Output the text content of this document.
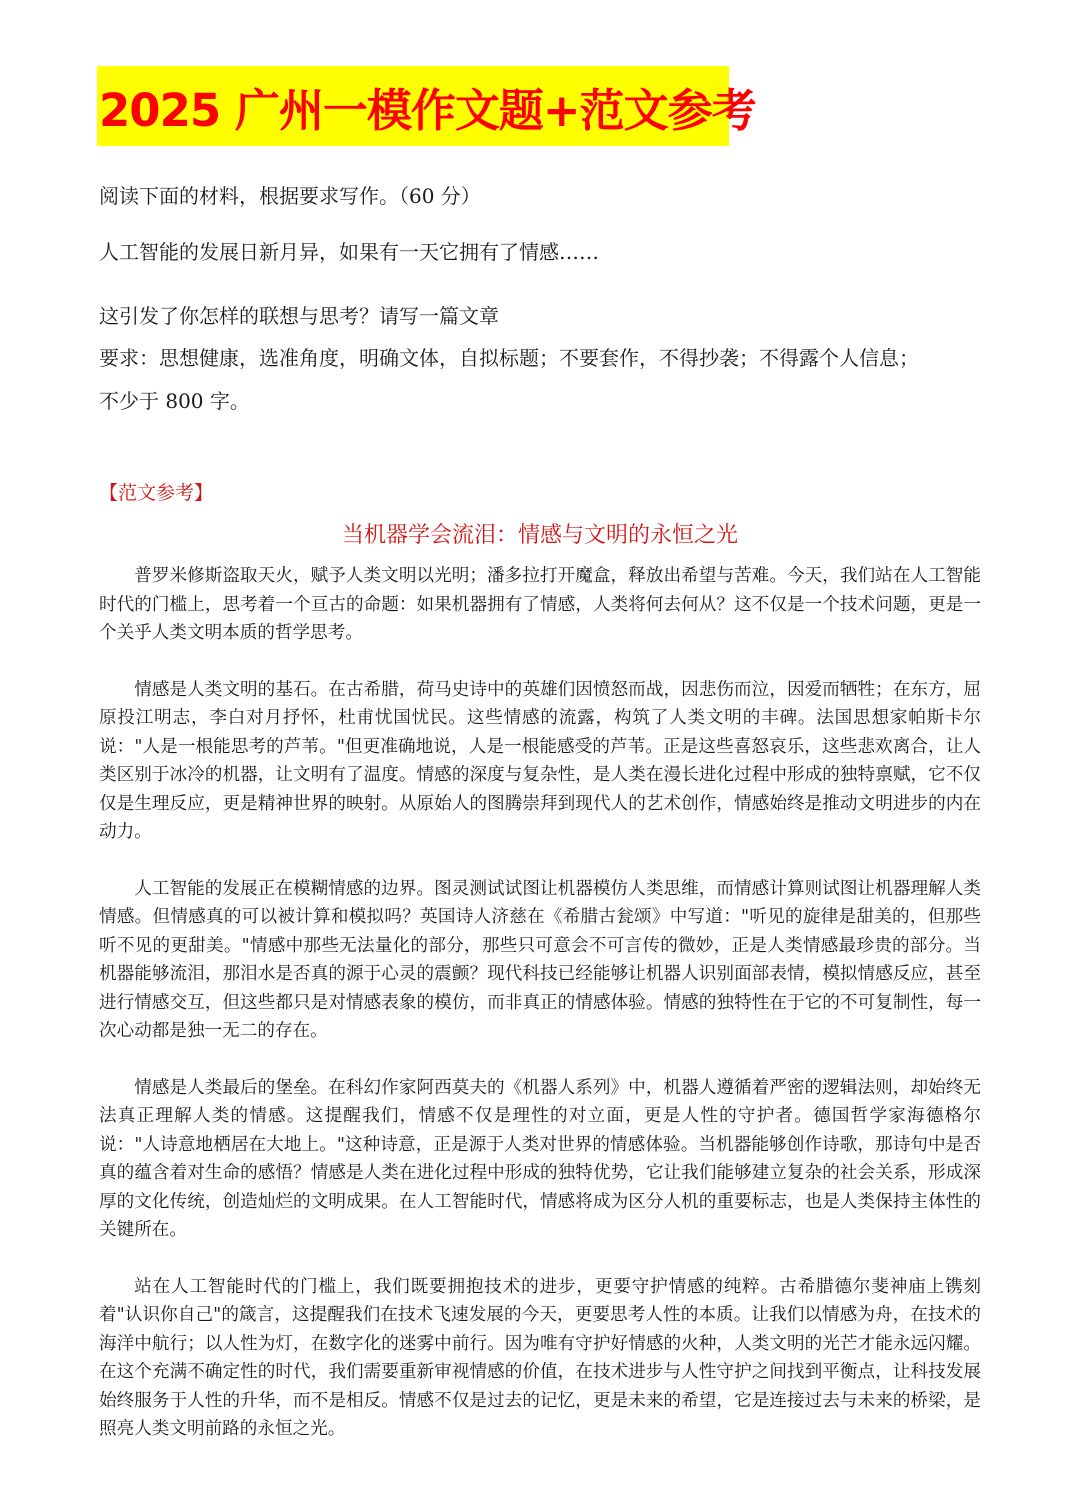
2025 广州一模作文题+范文参考
阅读下面的材料，根据要求写作。（60 分）
人工智能的发展日新月异，如果有一天它拥有了情感……
这引发了你怎样的联想与思考？请写一篇文章
要求：思想健康，选准角度，明确文体，自拟标题；不要套作，不得抄袭；不得露个人信息；
不少于 800 字。
【范文参考】
当机器学会流泪：情感与文明的永恒之光

普罗米修斯盗取天火，赋予人类文明以光明；潘多拉打开魔盒，释放出希望与苦难。今天，我们站在人工智能时代的门槛上，思考着一个亘古的命题：如果机器拥有了情感，人类将何去何从？这不仅是一个技术问题，更是一个关乎人类文明本质的哲学思考。

情感是人类文明的基石。在古希腊，荷马史诗中的英雄们因愤怒而战，因悲伤而泣，因爱而牺牲；在东方，屈原投江明志，李白对月抒怀，杜甫忧国忧民。这些情感的流露，构筑了人类文明的丰碑。法国思想家帕斯卡尔说："人是一根能思考的芦苇。"但更准确地说，人是一根能感受的芦苇。正是这些喜怒哀乐，这些悲欢离合，让人类区别于冰冷的机器，让文明有了温度。情感的深度与复杂性，是人类在漫长进化过程中形成的独特禀赋，它不仅仅是生理反应，更是精神世界的映射。从原始人的图腾崇拜到现代人的艺术创作，情感始终是推动文明进步的内在动力。

人工智能的发展正在模糊情感的边界。图灵测试试图让机器模仿人类思维，而情感计算则试图让机器理解人类情感。但情感真的可以被计算和模拟吗？英国诗人济慈在《希腊古瓮颂》中写道："听见的旋律是甜美的，但那些听不见的更甜美。"情感中那些无法量化的部分，那些只可意会不可言传的微妙，正是人类情感最珍贵的部分。当机器能够流泪，那泪水是否真的源于心灵的震颤？现代科技已经能够让机器人识别面部表情，模拟情感反应，甚至进行情感交互，但这些都只是对情感表象的模仿，而非真正的情感体验。情感的独特性在于它的不可复制性，每一次心动都是独一无二的存在。

情感是人类最后的堡垒。在科幻作家阿西莫夫的《机器人系列》中，机器人遵循着严密的逻辑法则，却始终无法真正理解人类的情感。这提醒我们，情感不仅是理性的对立面，更是人性的守护者。德国哲学家海德格尔说："人诗意地栖居在大地上。"这种诗意，正是源于人类对世界的情感体验。当机器能够创作诗歌，那诗句中是否真的蕴含着对生命的感悟？情感是人类在进化过程中形成的独特优势，它让我们能够建立复杂的社会关系，形成深厚的文化传统，创造灿烂的文明成果。在人工智能时代，情感将成为区分人机的重要标志，也是人类保持主体性的关键所在。

站在人工智能时代的门槛上，我们既要拥抱技术的进步，更要守护情感的纯粹。古希腊德尔斐神庙上镌刻着"认识你自己"的箴言，这提醒我们在技术飞速发展的今天，更要思考人性的本质。让我们以情感为舟，在技术的海洋中航行；以人性为灯，在数字化的迷雾中前行。因为唯有守护好情感的火种，人类文明的光芒才能永远闪耀。在这个充满不确定性的时代，我们需要重新审视情感的价值，在技术进步与人性守护之间找到平衡点，让科技发展始终服务于人性的升华，而不是相反。情感不仅是过去的记忆，更是未来的希望，它是连接过去与未来的桥梁，是照亮人类文明前路的永恒之光。
